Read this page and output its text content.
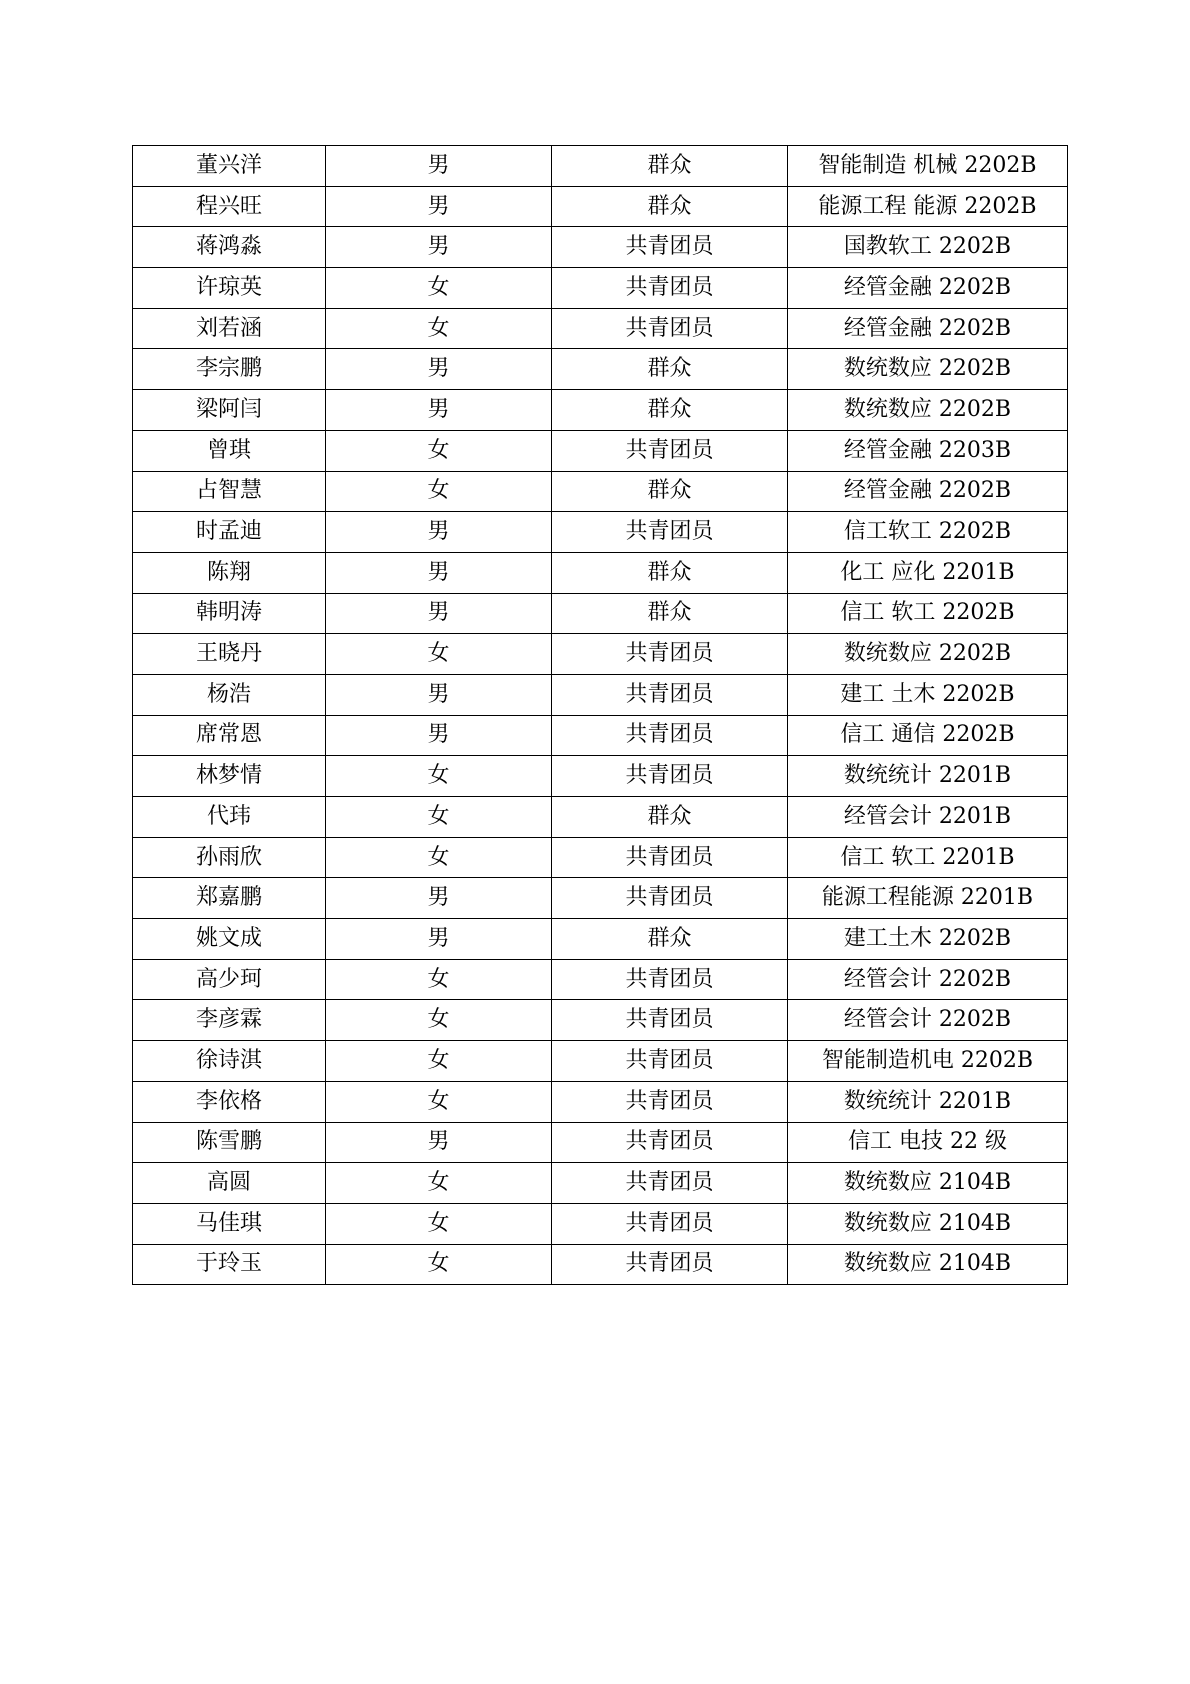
董兴洋	男	群众	智能制造 机械 2202B
程兴旺	男	群众	能源工程 能源 2202B
蒋鸿淼	男	共青团员	国教软工 2202B
许琼英	女	共青团员	经管金融 2202B
刘若涵	女	共青团员	经管金融 2202B
李宗鹏	男	群众	数统数应 2202B
梁阿闫	男	群众	数统数应 2202B
曾琪	女	共青团员	经管金融 2203B
占智慧	女	群众	经管金融 2202B
时孟迪	男	共青团员	信工软工 2202B
陈翔	男	群众	化工 应化 2201B
韩明涛	男	群众	信工 软工 2202B
王晓丹	女	共青团员	数统数应 2202B
杨浩	男	共青团员	建工 土木 2202B
席常恩	男	共青团员	信工 通信 2202B
林梦情	女	共青团员	数统统计 2201B
代玮	女	群众	经管会计 2201B
孙雨欣	女	共青团员	信工 软工 2201B
郑嘉鹏	男	共青团员	能源工程能源 2201B
姚文成	男	群众	建工土木 2202B
高少珂	女	共青团员	经管会计 2202B
李彦霖	女	共青团员	经管会计 2202B
徐诗淇	女	共青团员	智能制造机电 2202B
李依格	女	共青团员	数统统计 2201B
陈雪鹏	男	共青团员	信工 电技 22 级
高圆	女	共青团员	数统数应 2104B
马佳琪	女	共青团员	数统数应 2104B
于玲玉	女	共青团员	数统数应 2104B
